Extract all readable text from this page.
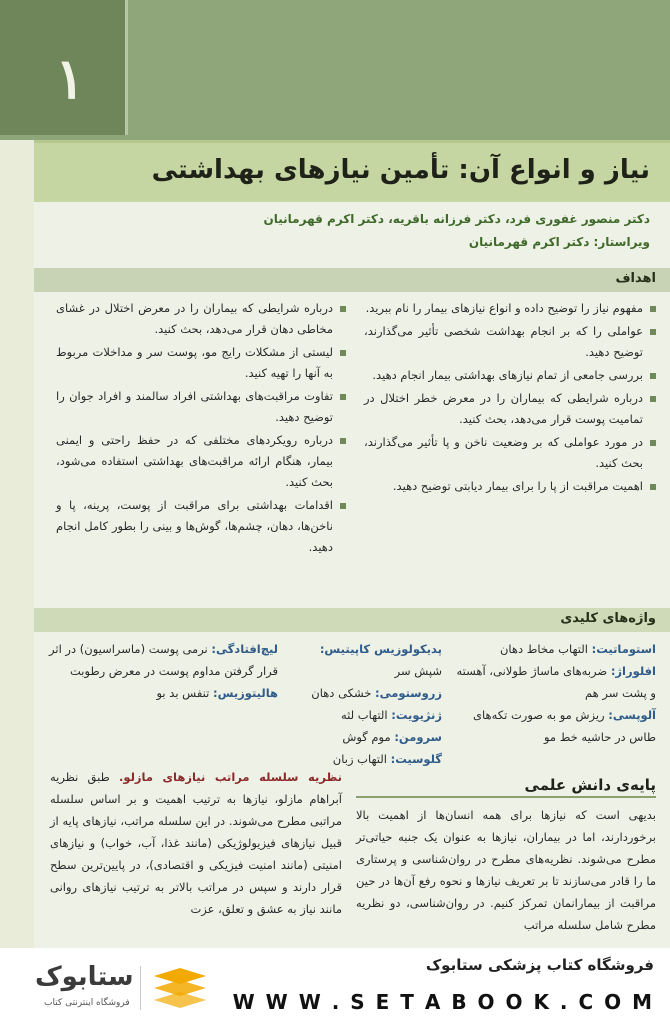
۱
نیاز و انواع آن: تأمین نیازهای بهداشتی
دکتر منصور غفوری فرد، دکتر فرزانه باقریه، دکتر اکرم قهرمانیان
ویراستار: دکتر اکرم قهرمانیان
اهداف
مفهوم نیاز را توضیح داده و انواع نیازهای بیمار را نام ببرید.
عواملی را که بر انجام بهداشت شخصی تأثیر می‌گذارند، توضیح دهید.
بررسی جامعی از تمام نیازهای بهداشتی بیمار انجام دهید.
درباره شرایطی که بیماران را در معرض خطر اختلال در تمامیت پوست قرار می‌دهد، بحث کنید.
در مورد عواملی که بر وضعیت ناخن و پا تأثیر می‌گذارند، بحث کنید.
اهمیت مراقبت از پا را برای بیمار دیابتی توضیح دهید.
درباره شرایطی که بیماران را در معرض اختلال در غشای مخاطی دهان قرار می‌دهد، بحث کنید.
لیستی از مشکلات رایج مو، پوست سر و مداخلات مربوط به آنها را تهیه کنید.
تفاوت مراقبت‌های بهداشتی افراد سالمند و افراد جوان را توضیح دهید.
درباره رویکردهای مختلفی که در حفظ راحتی و ایمنی بیمار، هنگام ارائه مراقبت‌های بهداشتی استفاده می‌شود، بحث کنید.
اقدامات بهداشتی برای مراقبت از پوست، پرینه، پا و ناخن‌ها، دهان، چشم‌ها، گوش‌ها و بینی را بطور کامل انجام دهید.
واژه‌های کلیدی

استوماتیت: التهاب مخاط دهان

افلوراژ: ضربه‌های ماساژ طولانی، آهسته و پشت سر هم

آلوپسی: ریزش مو به صورت تکه‌های طاس در حاشیه خط مو

پدیکولوزیس کاپیتیس: شپش سر

زروستومی: خشکی دهان

ژنژیویت: التهاب لثه

سرومن: موم گوش

گلوسیت: التهاب زبان

لیچ‌افتادگی: نرمی پوست (ماسراسیون) در اثر قرار گرفتن مداوم پوست در معرض رطوبت

هالیتوزیس: تنفس بد بو

پایه‌ی دانش علمی
بدیهی است که نیازها برای همه انسان‌ها از اهمیت بالا برخوردارند، اما در بیماران، نیازها به عنوان یک جنبه حیاتی‌تر مطرح می‌شوند. نظریه‌های مطرح در روان‌شناسی و پرستاری ما را قادر می‌سازند تا بر تعریف نیازها و نحوه رفع آن‌ها در حین مراقبت از بیمارانمان تمرکز کنیم. در روان‌شناسی، دو نظریه مطرح شامل سلسله مراتب
نظریه سلسله مراتب نیازهای مازلو. طبق نظریه آبراهام مازلو، نیازها به ترتیب اهمیت و بر اساس سلسله مراتبی مطرح می‌شوند. در این سلسله مراتب، نیازهای پایه از قبیل نیازهای فیزیولوژیکی (مانند غذا، آب، خواب) و نیازهای امنیتی (مانند امنیت فیزیکی و اقتصادی)، در پایین‌ترین سطح قرار دارند و سپس در مراتب بالاتر به ترتیب نیازهای روانی مانند نیاز به عشق و تعلق، عزت
فروشگاه کتاب پزشکی ستابوک
W W W . S E T A B O O K . C O M
ستابوک
فروشگاه اینترنتی کتاب
